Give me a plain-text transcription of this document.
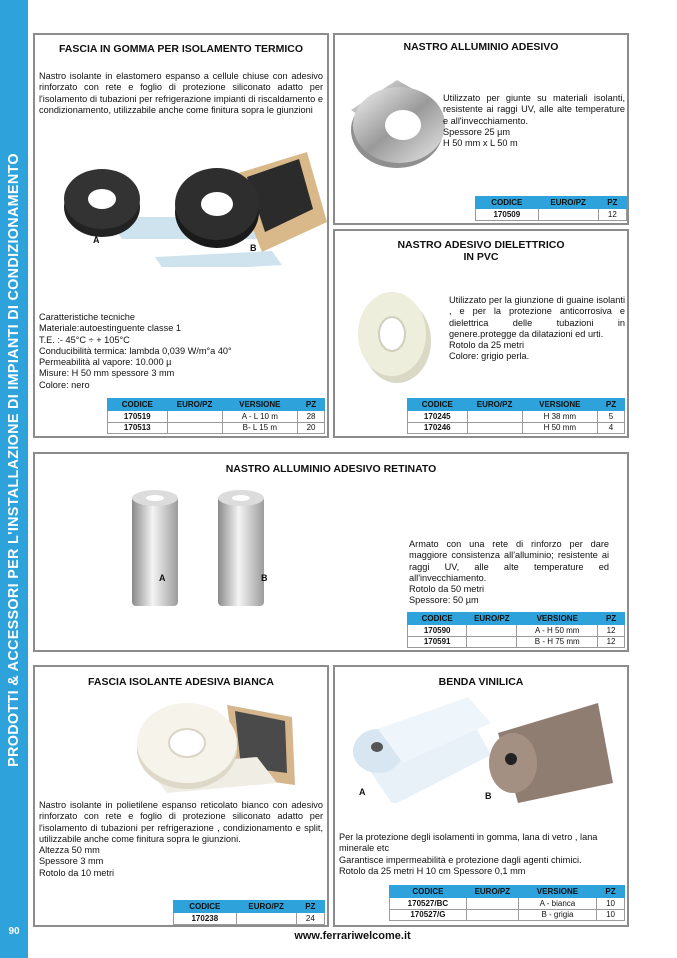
PRODOTTI & ACCESSORI PER L'INSTALLAZIONE DI IMPIANTI DI CONDIZIONAMENTO
90
FASCIA IN GOMMA PER ISOLAMENTO TERMICO
Nastro isolante in elastomero espanso a cellule chiuse con adesivo rinforzato con rete e foglio di protezione siliconato adatto per l'isolamento di tubazioni per refrigerazione impianti di riscaldamento e condizionamento, utilizzabile anche come finitura sopra le giunzioni
A
B
Caratteristiche tecniche
Materiale:autoestinguente classe 1
T.E. :- 45°C ÷ + 105°C
Conducibilità termica: lambda 0,039 W/m°a 40°
Permeabilità al vapore: 10.000 µ
Misure: H 50 mm spessore 3 mm
Colore: nero
CODICE	EURO/PZ	VERSIONE	PZ
170519		A - L 10 m	28
170513		B- L 15 m	20
NASTRO ALLUMINIO ADESIVO
Utilizzato per giunte su materiali isolanti, resistente ai raggi UV, alle alte temperature e all'invecchiamento.
Spessore 25 µm
H 50 mm x L 50 m
CODICE	EURO/PZ	PZ
170509		12
NASTRO ADESIVO DIELETTRICO
IN PVC
Utilizzato per la giunzione di guaine isolanti , e per la protezione anticorrosiva e dielettrica delle tubazioni in genere.protegge da dilatazioni ed urti.
Rotolo da 25 metri
Colore: grigio perla.
CODICE	EURO/PZ	VERSIONE	PZ
170245		H 38 mm	5
170246		H 50 mm	4
NASTRO ALLUMINIO ADESIVO RETINATO
A	B
Armato con una rete di rinforzo per dare maggiore consistenza all'alluminio; resistente ai raggi UV, alle alte temperature ed all'invecchiamento.
Rotolo da 50 metri
Spessore: 50 µm
CODICE	EURO/PZ	VERSIONE	PZ
170590		A - H 50 mm	12
170591		B - H 75 mm	12
FASCIA ISOLANTE ADESIVA BIANCA
Nastro isolante in polietilene espanso reticolato bianco con adesivo rinforzato con rete e foglio di protezione siliconato adatto per l'isolamento di tubazioni per refrigerazione , condizionamento e split, utilizzabile anche come finitura sopra le giunzioni.
Altezza 50 mm
Spessore 3 mm
Rotolo da 10 metri
CODICE	EURO/PZ	PZ
170238		24
BENDA VINILICA
A	B
Per la protezione degli isolamenti in gomma, lana di vetro , lana minerale etc
Garantisce impermeabilità e protezione dagli agenti chimici.
Rotolo da 25 metri H 10 cm Spessore 0,1 mm
CODICE	EURO/PZ	VERSIONE	PZ
170527/BC		A - bianca	10
170527/G		B - grigia	10
www.ferrariwelcome.it
